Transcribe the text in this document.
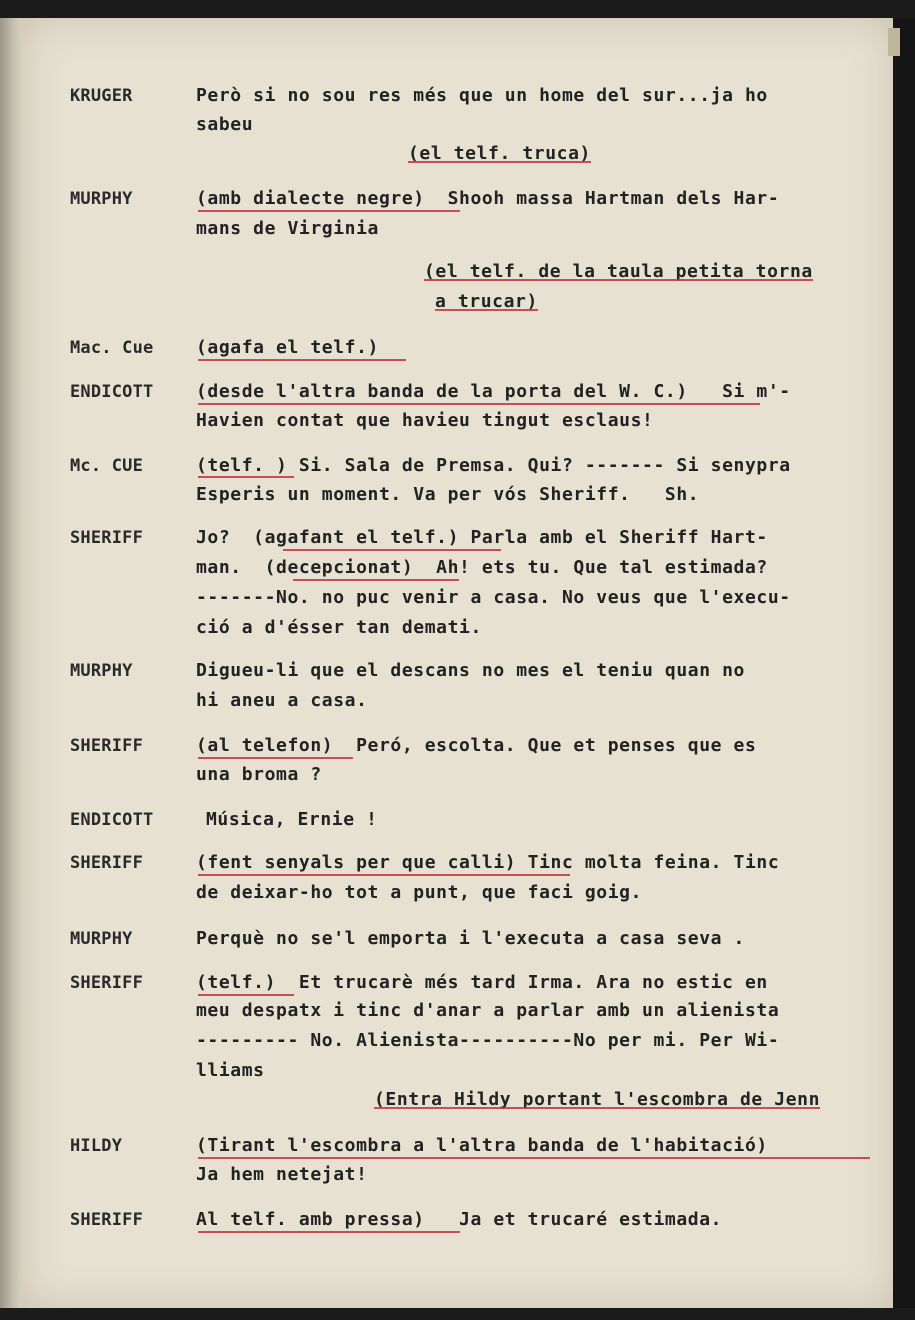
KRUGER
MURPHY
Mac. Cue
ENDICOTT
Mc. CUE
SHERIFF
MURPHY
SHERIFF
ENDICOTT
SHERIFF
MURPHY
SHERIFF
HILDY
SHERIFF
Però si no sou res més que un home del sur...ja ho
sabeu
(el telf. truca)
(amb dialecte negre)  Shooh massa Hartman dels Har-
mans de Virginia
(el telf. de la taula petita torna
a trucar)
(agafa el telf.)
(desde l'altra banda de la porta del W. C.)   Si m'-
Havien contat que havieu tingut esclaus!
(telf. ) Si. Sala de Premsa. Qui? ------- Si senypra
Esperis un moment. Va per vós Sheriff.   Sh.
Jo?  (agafant el telf.) Parla amb el Sheriff Hart-
man.  (decepcionat)  Ah! ets tu. Que tal estimada?
-------No. no puc venir a casa. No veus que l'execu-
ció a d'ésser tan demati.
Digueu-li que el descans no mes el teniu quan no
hi aneu a casa.
(al telefon)  Peró, escolta. Que et penses que es
una broma ?
Música, Ernie !
(fent senyals per que calli) Tinc molta feina. Tinc
de deixar-ho tot a punt, que faci goig.
Perquè no se'l emporta i l'executa a casa seva .
(telf.)  Et trucarè més tard Irma. Ara no estic en
meu despatx i tinc d'anar a parlar amb un alienista
--------- No. Alienista----------No per mi. Per Wi-
lliams
(Entra Hildy portant l'escombra de Jenn
(Tirant l'escombra a l'altra banda de l'habitació)
Ja hem netejat!
Al telf. amb pressa)   Ja et trucaré estimada.
